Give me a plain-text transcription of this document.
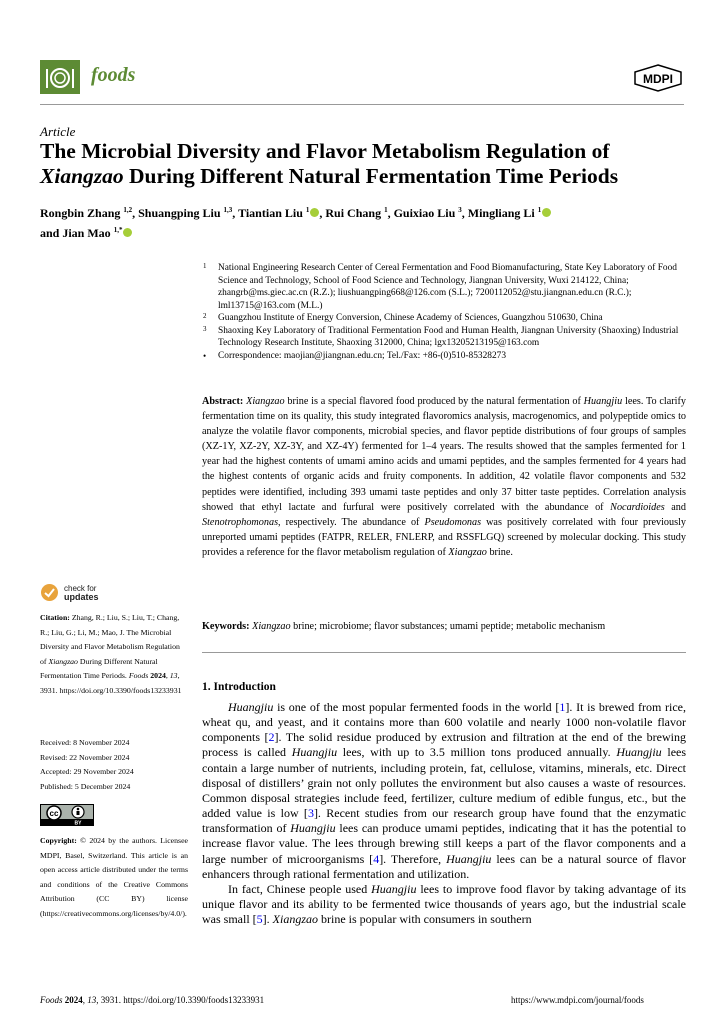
foods	MDPI
Article
The Microbial Diversity and Flavor Metabolism Regulation of Xiangzao During Different Natural Fermentation Time Periods
Rongbin Zhang $^{1,2}$, Shuangping Liu $^{1,3}$, Tiantian Liu $^1$ , Rui Chang $^1$, Guixiao Liu $^3$, Mingliang Li $^1$
and Jian Mao $^{1,*}$
1 National Engineering Research Center of Cereal Fermentation and Food Biomanufacturing, State Key Laboratory of Food Science and Technology, School of Food Science and Technology, Jiangnan University, Wuxi 214122, China; zhangrb@ms.giec.ac.cn (R.Z.); liushuangping668@126.com (S.L.); 7200112052@stu.jiangnan.edu.cn (R.C.); lml13715@163.com (M.L.)
2 Guangzhou Institute of Energy Conversion, Chinese Academy of Sciences, Guangzhou 510630, China
3 Shaoxing Key Laboratory of Traditional Fermentation Food and Human Health, Jiangnan University (Shaoxing) Industrial Technology Research Institute, Shaoxing 312000, China; lgx13205213195@163.com
• Correspondence: maojian@jiangnan.edu.cn; Tel./Fax: +86-(0)510-85328273
Abstract: Xiangzao brine is a special flavored food produced by the natural fermentation of Huangjiu lees. To clarify fermentation time on its quality, this study integrated flavoromics analysis, macrogenomics, and polypeptide omics to analyze the volatile flavor components, microbial species, and flavor peptide distributions of four groups of samples (XZ-1Y, XZ-2Y, XZ-3Y, and XZ-4Y) fermented for 1–4 years. The results showed that the samples fermented for 1 year had the highest contents of umami amino acids and umami peptides, and the samples fermented for 4 years had the highest contents of organic acids and fruity components. In addition, 42 volatile flavor components and 532 peptides were identified, including 393 umami taste peptides and only 37 bitter taste peptides. Correlation analysis showed that ethyl lactate and furfural were positively correlated with the abundance of Nocardioides and Stenotrophomonas, respectively. The abundance of Pseudomonas was positively correlated with four previously unreported umami peptides (FATPR, RELER, FNLERP, and RSSFLGQ) screened by molecular docking. This study provides a reference for the flavor metabolism regulation of Xiangzao brine.
Keywords: Xiangzao brine; microbiome; flavor substances; umami peptide; metabolic mechanism
check for
updates
Citation: Zhang, R.; Liu, S.; Liu, T.; Chang, R.; Liu, G.; Li, M.; Mao, J. The Microbial Diversity and Flavor Metabolism Regulation of Xiangzao During Different Natural Fermentation Time Periods. Foods 2024, 13, 3931. https://doi.org/10.3390/foods13233931
Received: 8 November 2024
Revised: 22 November 2024
Accepted: 29 November 2024
Published: 5 December 2024
cc
BY
Copyright: © 2024 by the authors. Licensee MDPI, Basel, Switzerland. This article is an open access article distributed under the terms and conditions of the Creative Commons Attribution (CC BY) license (https://creativecommons.org/licenses/by/4.0/).
1. Introduction

Huangjiu is one of the most popular fermented foods in the world [1]. It is brewed from rice, wheat qu, and yeast, and it contains more than 600 volatile and nearly 1000 non-volatile flavor components [2]. The solid residue produced by extrusion and filtration at the end of the brewing process is called Huangjiu lees, with up to 3.5 million tons produced annually. Huangjiu lees contain a large number of nutrients, including protein, fat, cellulose, vitamins, minerals, etc. Direct disposal of distillers’ grain not only pollutes the environment but also causes a waste of resources. Common disposal strategies include feed, fertilizer, culture medium of edible fungus, etc., but the added value is low [3]. Recent studies from our research group have found that the enzymatic transformation of Huangjiu lees can produce umami peptides, indicating that it has the potential to increase flavor value. The lees through brewing still keeps a part of the flavor components and a large number of microorganisms [4]. Therefore, Huangjiu lees can be a natural source of flavor enhancers through rational fermentation and utilization.

In fact, Chinese people used Huangjiu lees to improve food flavor by taking advantage of its unique flavor and its ability to be fermented twice thousands of years ago, but the industrial scale was small [5]. Xiangzao brine is popular with consumers in southern

Foods 2024, 13, 3931. https://doi.org/10.3390/foods13233931	https://www.mdpi.com/journal/foods
